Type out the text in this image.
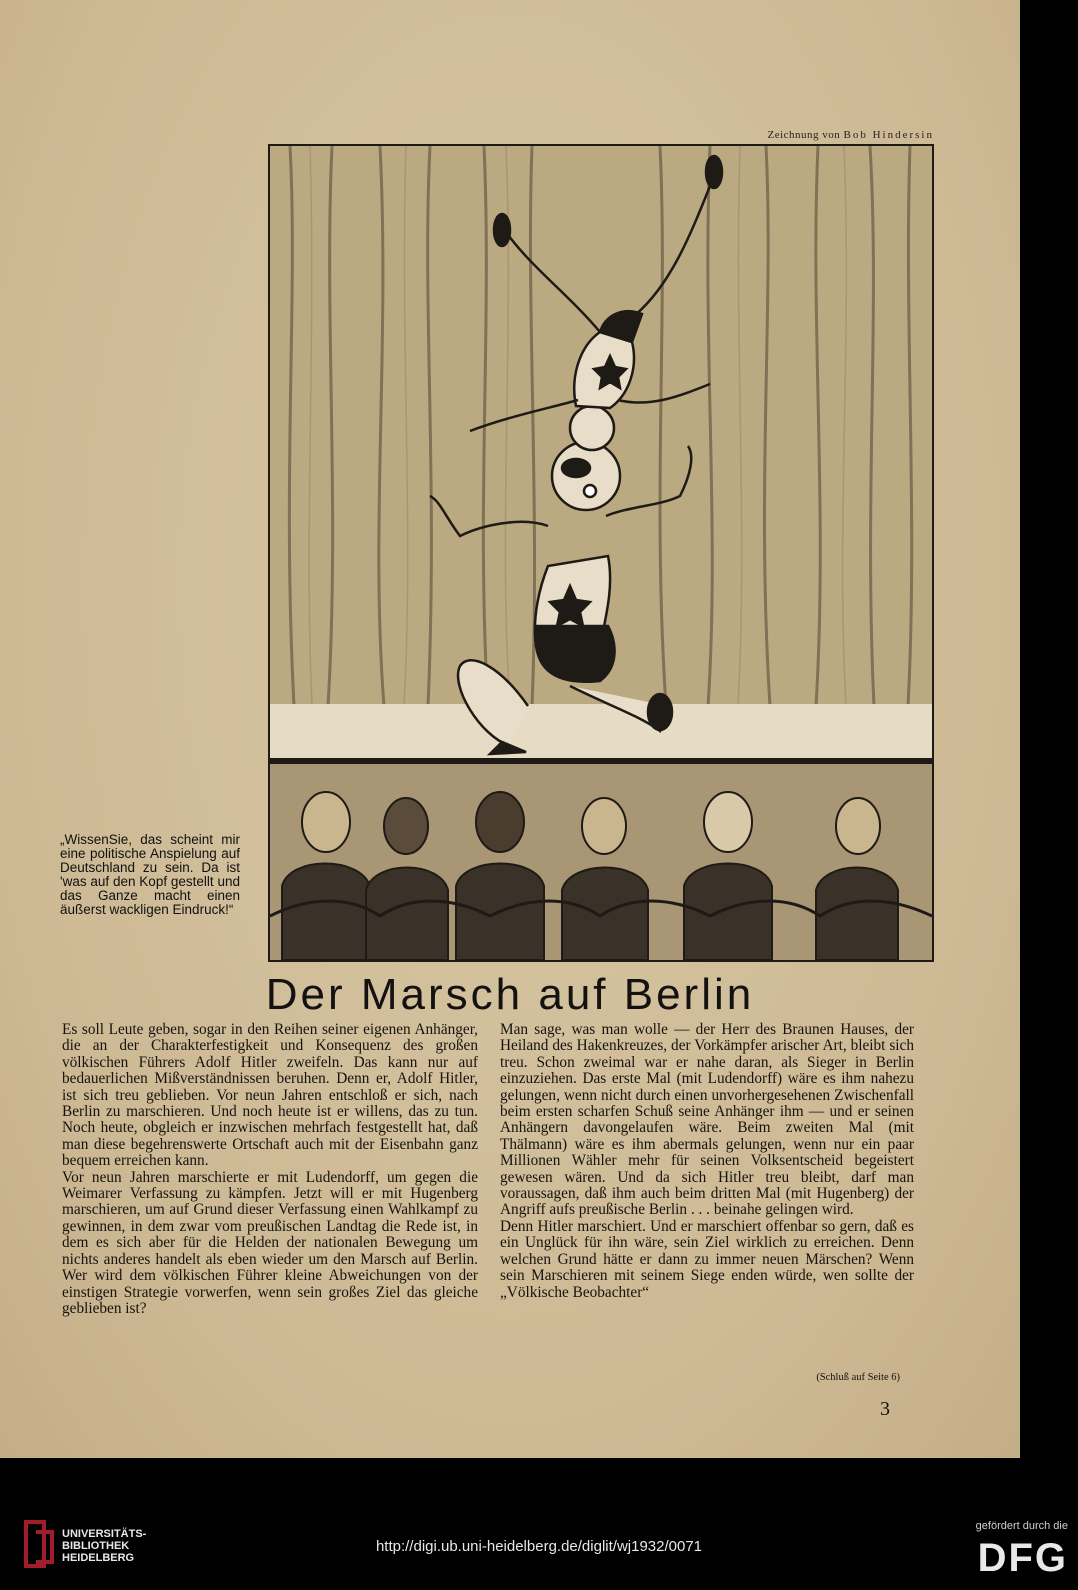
Zeichnung von Bob Hindersin
„WissenSie, das scheint mir eine politische Anspielung auf Deutschland zu sein. Da ist 'was auf den Kopf gestellt und das Ganze macht einen äußerst wackligen Eindruck!“
Der Marsch auf Berlin

Es soll Leute geben, sogar in den Reihen seiner eigenen Anhänger, die an der Charakterfestigkeit und Konsequenz des großen völkischen Führers Adolf Hitler zweifeln. Das kann nur auf bedauerlichen Mißverständnissen beruhen. Denn er, Adolf Hitler, ist sich treu geblieben. Vor neun Jahren entschloß er sich, nach Berlin zu marschieren. Und noch heute ist er willens, das zu tun. Noch heute, obgleich er inzwischen mehrfach festgestellt hat, daß man diese begehrenswerte Ortschaft auch mit der Eisenbahn ganz bequem erreichen kann.

Vor neun Jahren marschierte er mit Ludendorff, um gegen die Weimarer Verfassung zu kämpfen. Jetzt will er mit Hugenberg marschieren, um auf Grund dieser Verfassung einen Wahlkampf zu gewinnen, in dem zwar vom preußischen Landtag die Rede ist, in dem es sich aber für die Helden der nationalen Bewegung um nichts anderes handelt als eben wieder um den Marsch auf Berlin. Wer wird dem völkischen Führer kleine Abweichungen von der einstigen Strategie vorwerfen, wenn sein großes Ziel das gleiche geblieben ist?

Man sage, was man wolle — der Herr des Braunen Hauses, der Heiland des Hakenkreuzes, der Vorkämpfer arischer Art, bleibt sich treu. Schon zweimal war er nahe daran, als Sieger in Berlin einzuziehen. Das erste Mal (mit Ludendorff) wäre es ihm nahezu gelungen, wenn nicht durch einen unvorhergesehenen Zwischenfall beim ersten scharfen Schuß seine Anhänger ihm — und er seinen Anhängern davongelaufen wäre. Beim zweiten Mal (mit Thälmann) wäre es ihm abermals gelungen, wenn nur ein paar Millionen Wähler mehr für seinen Volksentscheid begeistert gewesen wären. Und da sich Hitler treu bleibt, darf man voraussagen, daß ihm auch beim dritten Mal (mit Hugenberg) der Angriff aufs preußische Berlin . . . beinahe gelingen wird.

Denn Hitler marschiert. Und er marschiert offenbar so gern, daß es ein Unglück für ihn wäre, sein Ziel wirklich zu erreichen. Denn welchen Grund hätte er dann zu immer neuen Märschen? Wenn sein Marschieren mit seinem Siege enden würde, wen sollte der „Völkische Beobachter“

(Schluß auf Seite 6)
3
UNIVERSITÄTS-
BIBLIOTHEK
HEIDELBERG
http://digi.ub.uni-heidelberg.de/diglit/wj1932/0071
gefördert durch die
DFG
